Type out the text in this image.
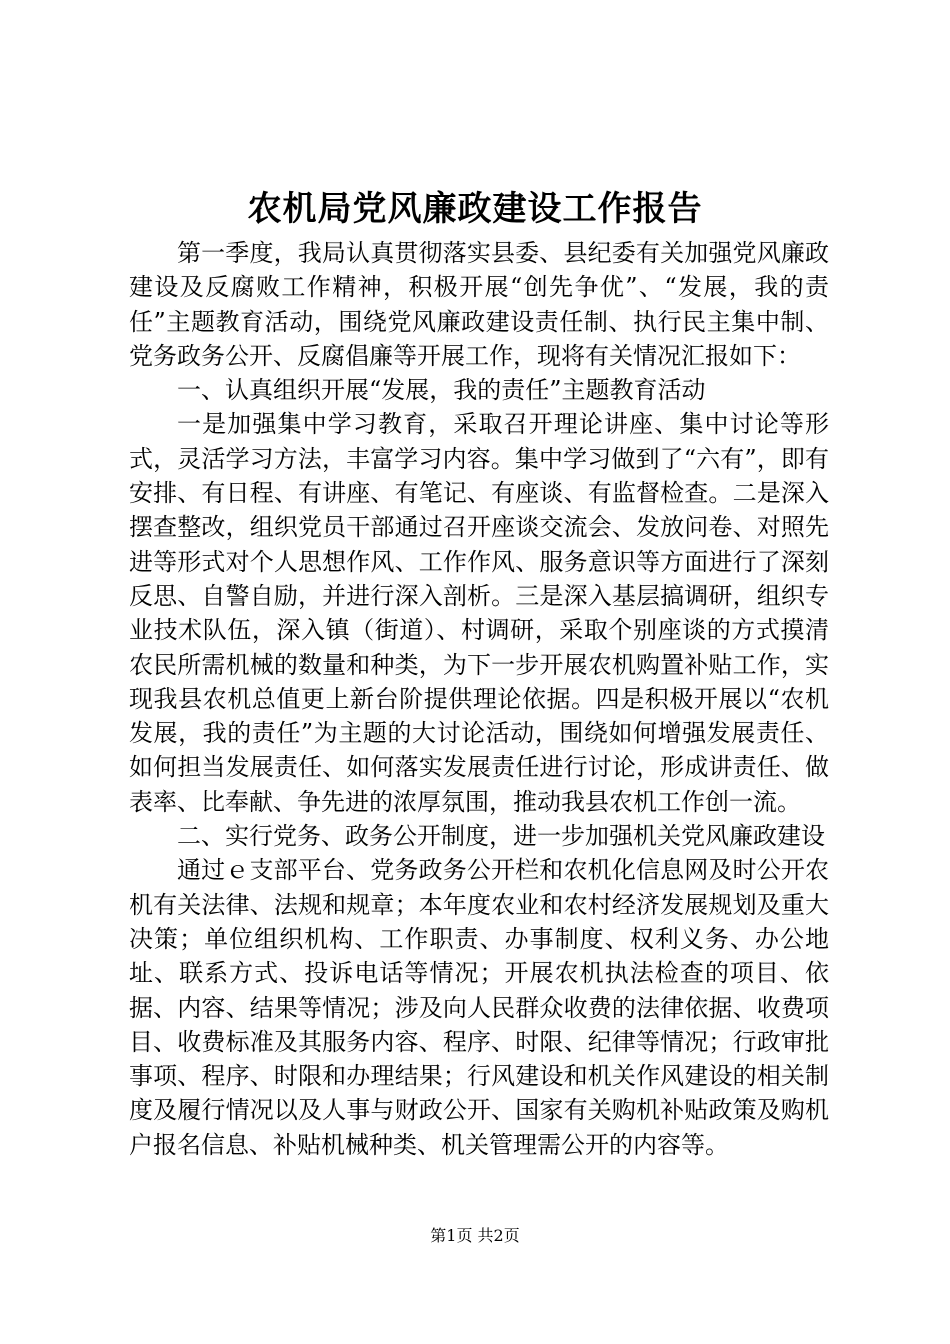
农机局党风廉政建设工作报告

第一季度，我局认真贯彻落实县委、县纪委有关加强党风廉政建设及反腐败工作精神，积极开展“创先争优”、“发展，我的责任”主题教育活动，围绕党风廉政建设责任制、执行民主集中制、党务政务公开、反腐倡廉等开展工作，现将有关情况汇报如下：

一、认真组织开展“发展，我的责任”主题教育活动

一是加强集中学习教育，采取召开理论讲座、集中讨论等形式，灵活学习方法，丰富学习内容。集中学习做到了“六有”，即有安排、有日程、有讲座、有笔记、有座谈、有监督检查。二是深入摆查整改，组织党员干部通过召开座谈交流会、发放问卷、对照先进等形式对个人思想作风、工作作风、服务意识等方面进行了深刻反思、自警自励，并进行深入剖析。三是深入基层搞调研，组织专业技术队伍，深入镇（街道）、村调研，采取个别座谈的方式摸清农民所需机械的数量和种类，为下一步开展农机购置补贴工作，实现我县农机总值更上新台阶提供理论依据。四是积极开展以“农机发展，我的责任”为主题的大讨论活动，围绕如何增强发展责任、如何担当发展责任、如何落实发展责任进行讨论，形成讲责任、做表率、比奉献、争先进的浓厚氛围，推动我县农机工作创一流。

二、实行党务、政务公开制度，进一步加强机关党风廉政建设

通过ｅ支部平台、党务政务公开栏和农机化信息网及时公开农机有关法律、法规和规章；本年度农业和农村经济发展规划及重大决策；单位组织机构、工作职责、办事制度、权利义务、办公地址、联系方式、投诉电话等情况；开展农机执法检查的项目、依据、内容、结果等情况；涉及向人民群众收费的法律依据、收费项目、收费标准及其服务内容、程序、时限、纪律等情况；行政审批事项、程序、时限和办理结果；行风建设和机关作风建设的相关制度及履行情况以及人事与财政公开、国家有关购机补贴政策及购机户报名信息、补贴机械种类、机关管理需公开的内容等。

第1页 共2页
